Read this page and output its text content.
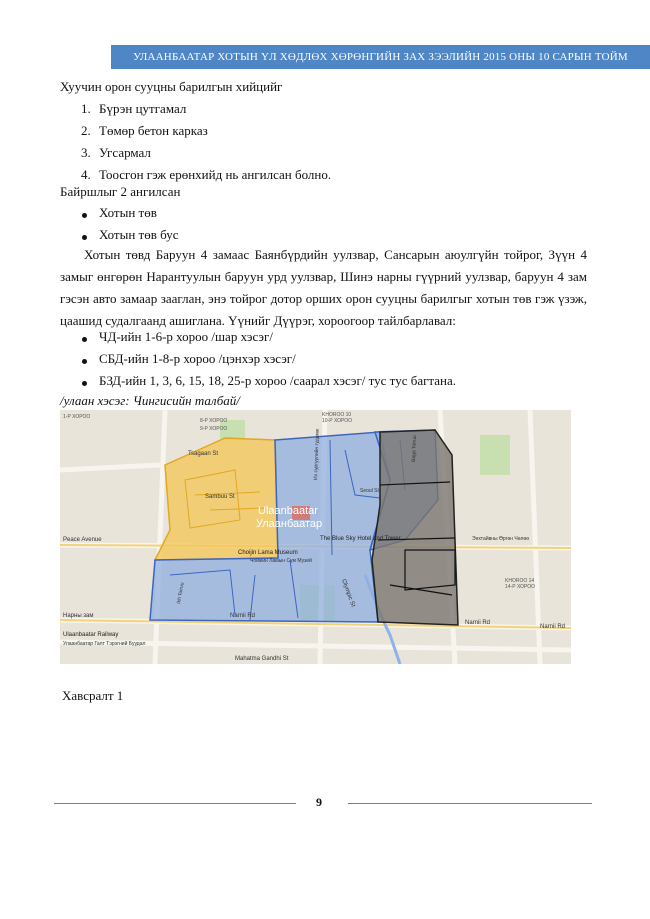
УЛААНБААТАР ХОТЫН ҮЛ ХӨДЛӨХ ХӨРӨНГИЙН ЗАХ ЗЭЭЛИЙН 2015 ОНЫ 10 САРЫН ТОЙМ
Хуучин орон сууцны барилгын хийцийг
1. Бүрэн цутгамал
2. Төмөр бетон карказ
3. Угсармал
4. Тоосгон гэж ерөнхийд нь ангилсан болно.
Байршлыг 2 ангилсан
Хотын төв
Хотын төв бус
Хотын төвд Баруун 4 замаас Баянбүрдийн уулзвар, Сансарын аюулгүйн тойрог, Зүүн 4 замыг өнгөрөн Нарантуулын баруун урд уулзвар, Шинэ нарны гүүрний уулзвар, баруун 4 зам гэсэн авто замаар зааглан, энэ тойрог дотор орших орон сууцны барилгыг хотын төв гэж үзэж, цаашид судалгаанд ашиглана. Үүнийг Дүүрэг, хороогоор тайлбарлавал:
ЧД-ийн 1-6-р хороо /шар хэсэг/
СБД-ийн 1-8-р хороо /цэнхэр хэсэг/
БЗД-ийн 1, 3, 6, 15, 18, 25-р хороо /саарал хэсэг/ тус тус багтана.
/улаан хэсэг: Чингисийн талбай/
Ulaanbaatar
Улаанбаатар
Peace Avenue
Нарны зам	Narnii Rd
Narnii Rd
Narnii Rd
Sambuu St
Tsagaan St
The Blue Sky Hotel and Tower
Choijin Lama Museum
Чойжин Ламын Сүм Музей
Olympic St
Ulaanbaatar Railway
Улаанбаатар Галт Тэрэгний Буудал
Mahatma Gandhi St
KHOROO 10
10-Р ХОРОО
KHOROO 14
14-Р ХОРОО
8-Р ХОРОО
9-Р ХОРОО
1-Р ХОРОО
Seoul St
Ikh Toiruu
Их сургуулийн гудамж	Baga Toiruu
Энхтайвны Өргөн Чөлөө
Хавсралт 1
9
